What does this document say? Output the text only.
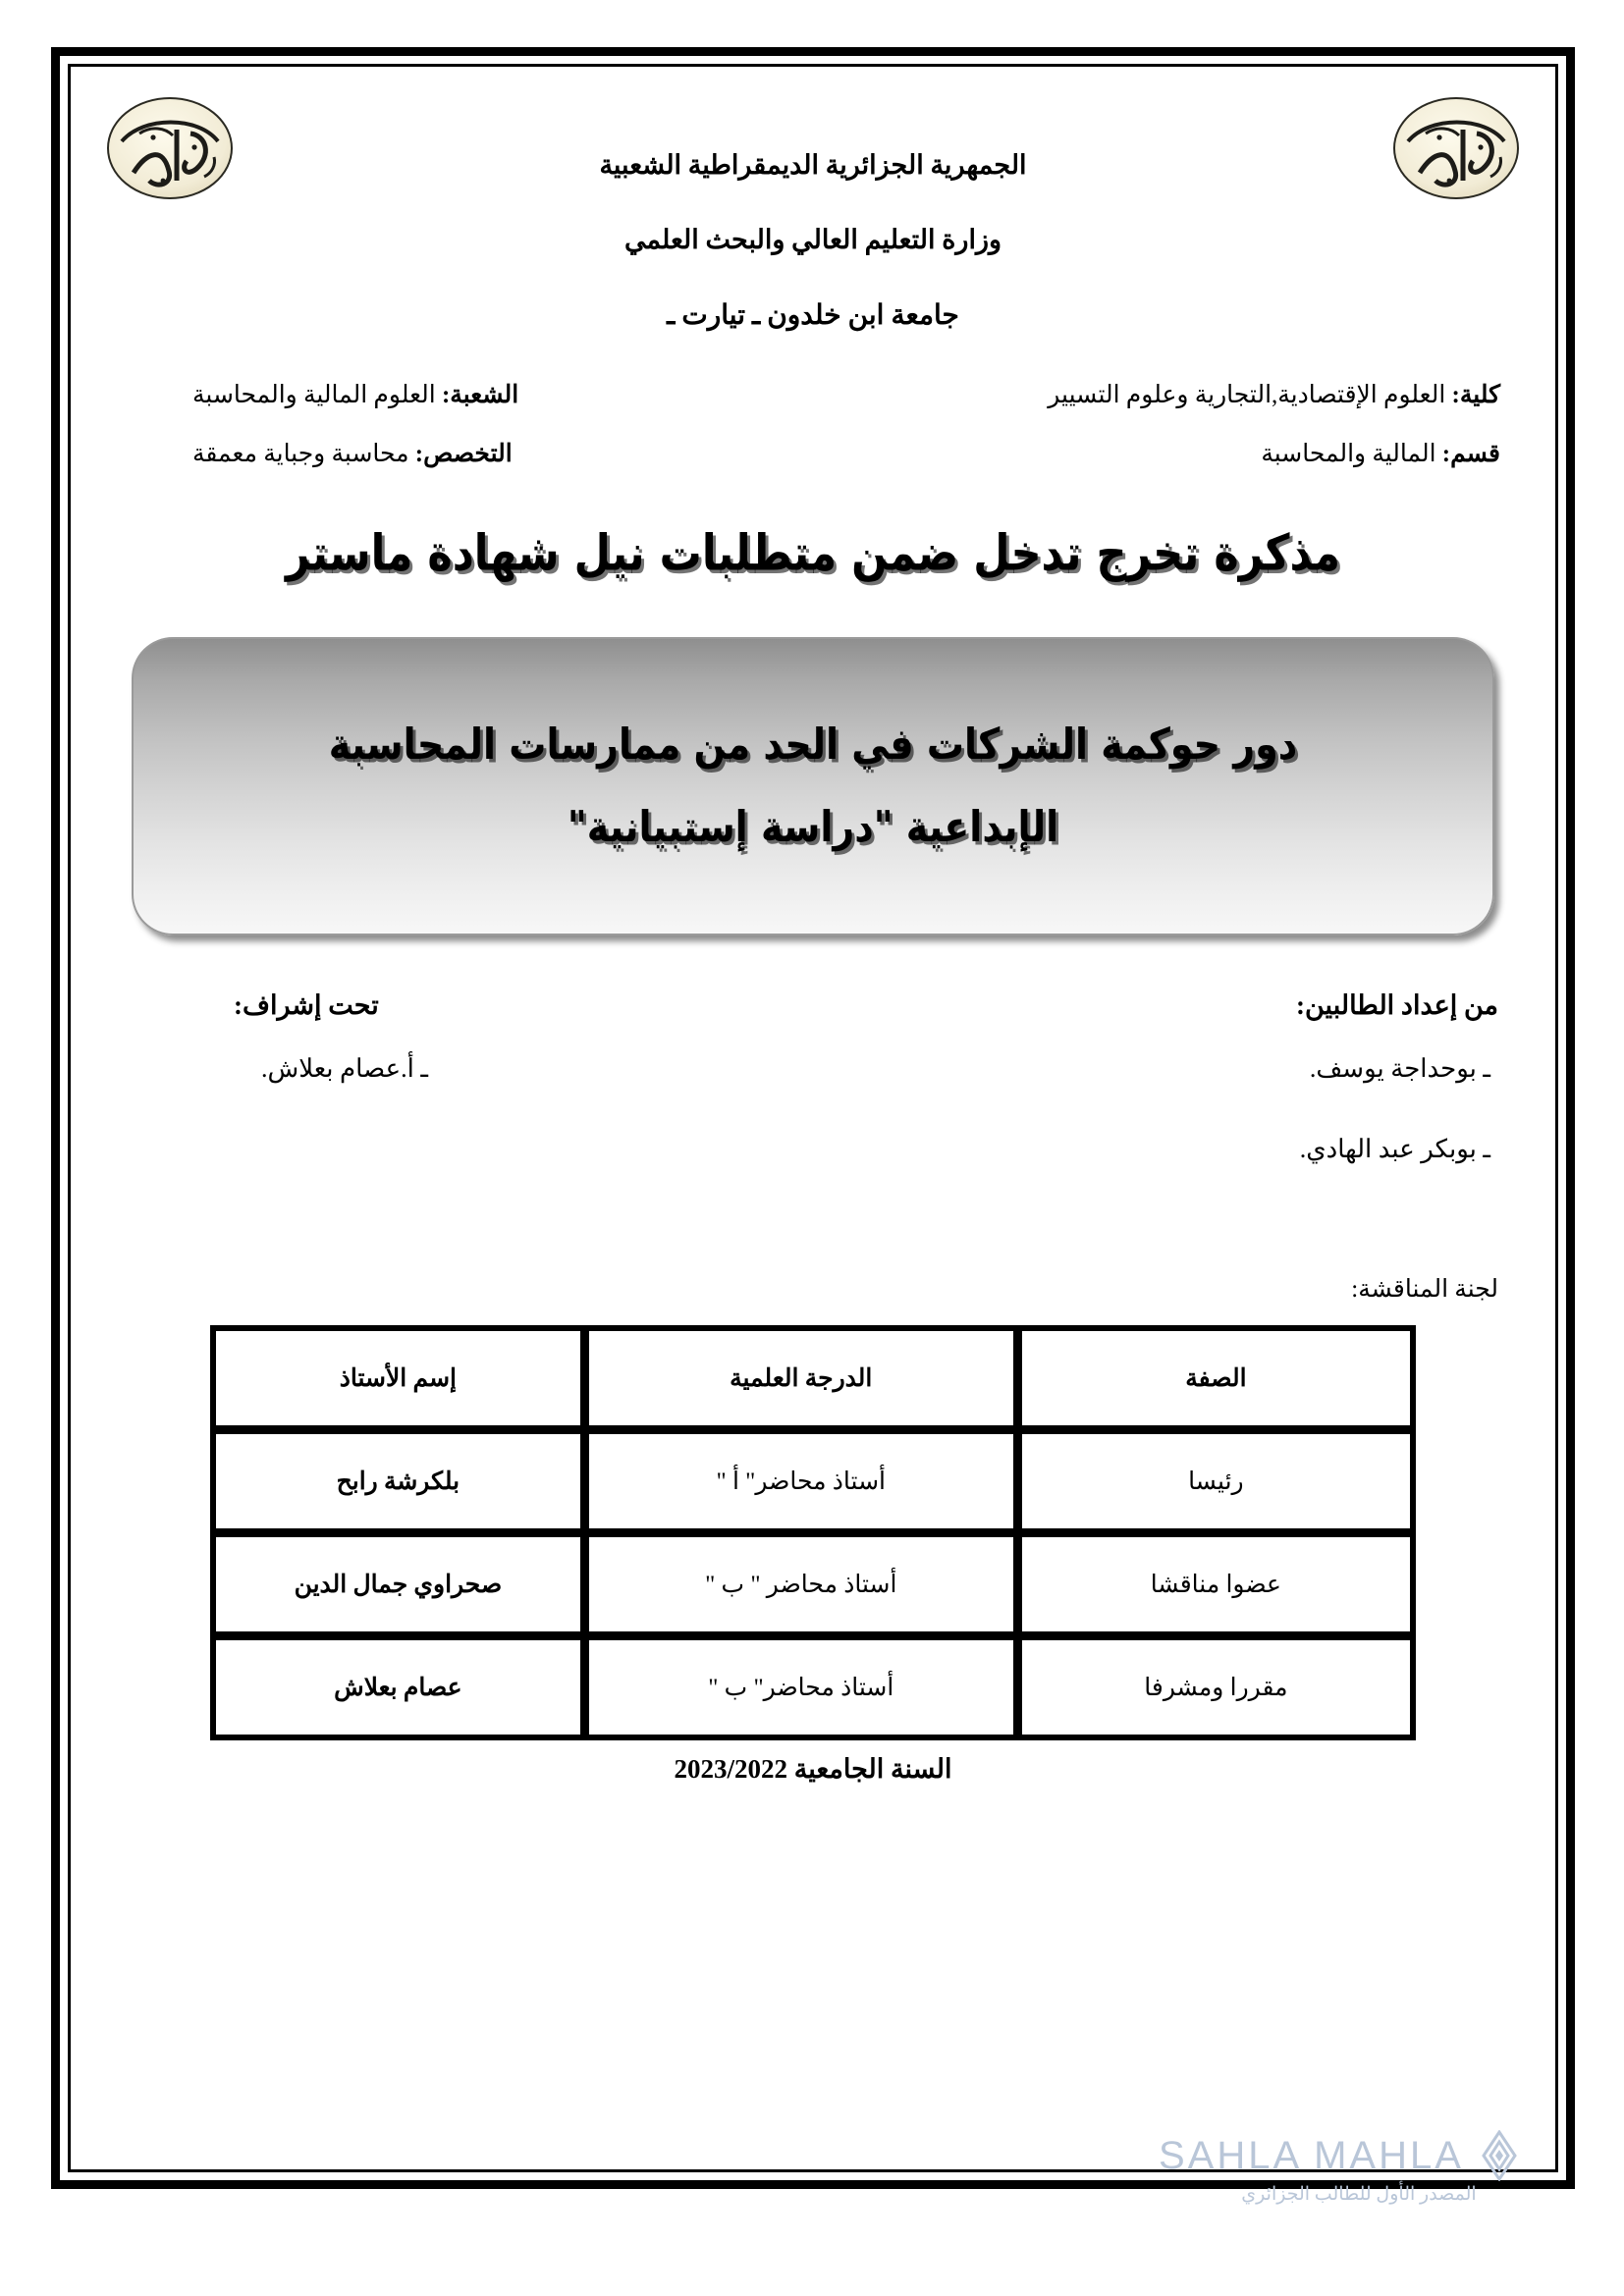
الجمهرية الجزائرية الديمقراطية الشعبية
وزارة التعليم العالي والبحث العلمي
جامعة ابن خلدون ـ تيارت ـ
كلية: العلوم الإقتصادية,التجارية وعلوم التسيير
الشعبة: العلوم المالية والمحاسبة
قسم: المالية والمحاسبة
التخصص: محاسبة وجباية معمقة
مذكرة تخرج تدخل ضمن متطلبات نيل شهادة ماستر
دور حوكمة الشركات في الحد من ممارسات المحاسبة
الإبداعية "دراسة إستبيانية"
من إعداد الطالبين:
تحت إشراف:
ـ بوحداجة يوسف.
ـ بوبكر عبد الهادي.
ـ أ.عصام بعلاش.
لجنة المناقشة:
الصفة	الدرجة العلمية	إسم الأستاذ
رئيسا	أستاذ محاضر" أ "	بلكرشة رابح
عضوا مناقشا	أستاذ محاضر " ب "	صحراوي جمال الدين
مقررا ومشرفا	أستاذ محاضر" ب "	عصام بعلاش
السنة الجامعية 2023/2022
SAHLA MAHLA
المصدر الأول للطالب الجزائري
